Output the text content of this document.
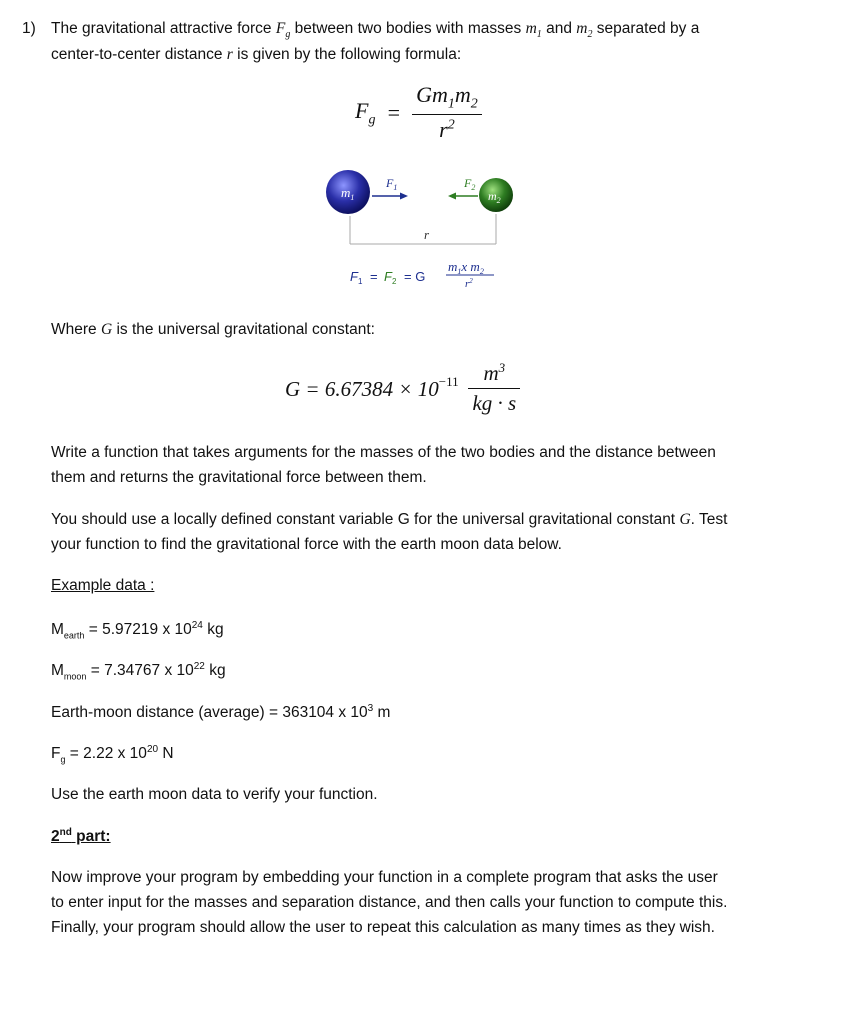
1) The gravitational attractive force $F_g$ between two bodies with masses $m_1$ and $m_2$ separated by a
center-to-center distance r is given by the following formula:
$F_g = \frac{Gm_1m_2}{r^2}$
$m_1$	$m_2$
$F_1$	$F_2$
r
$F_1 = F_2 = G$
$m_1x$ $m_2$
$r^2$
Where G is the universal gravitational constant:
$G = 6.67384 \times 10^{-11} \frac{m^3}{kg \cdot s}$
Write a function that takes arguments for the masses of the two bodies and the distance between
them and returns the gravitational force between them.
You should use a locally defined constant variable G for the universal gravitational constant G. Test
your function to find the gravitational force with the earth moon data below.
Example data :
$M_{earth} = 5.97219$ x $10^{24}$ kg
$M_{moon} = 7.34767$ x $10^{22}$ kg
Earth-moon distance (average) = 363104 x $10^3$ m
$F_g = 2.22$ x $10^{20}$ N
Use the earth moon data to verify your function.
2nd part:
Now improve your program by embedding your function in a complete program that asks the user
to enter input for the masses and separation distance, and then calls your function to compute this.
Finally, your program should allow the user to repeat this calculation as many times as they wish.
